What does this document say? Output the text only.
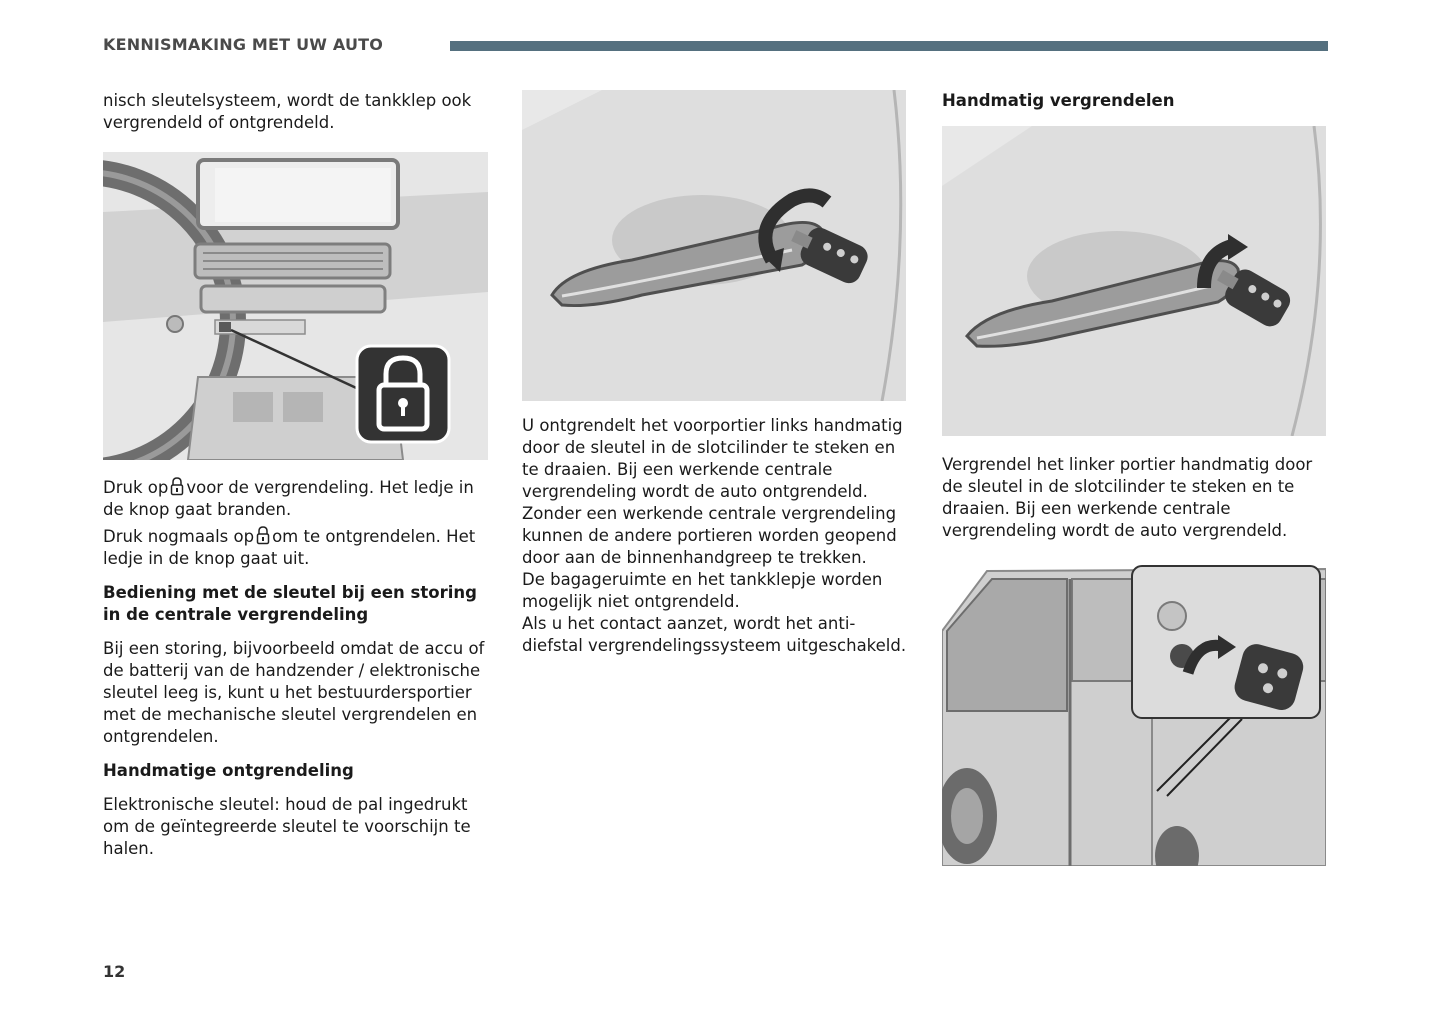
KENNISMAKING MET UW AUTO

nisch sleutelsysteem, wordt de tankklep ook vergrendeld of ontgrendeld.

Druk op voor de vergrendeling. Het ledje in de knop gaat branden.

Druk nogmaals op om te ontgrendelen. Het ledje in de knop gaat uit.

Bediening met de sleutel bij een storing in de centrale vergrendeling

Bij een storing, bijvoorbeeld omdat de accu of de batterij van de handzender / elektronische sleutel leeg is, kunt u het bestuurdersportier met de mechanische sleutel vergrendelen en ontgrendelen.

Handmatige ontgrendeling

Elektronische sleutel: houd de pal ingedrukt om de geïntegreerde sleutel te voorschijn te halen.

U ontgrendelt het voorportier links handmatig door de sleutel in de slotcilinder te steken en te draaien. Bij een werkende centrale vergrendeling wordt de auto ontgrendeld.

Zonder een werkende centrale vergrendeling kunnen de andere portieren worden geopend door aan de binnenhandgreep te trekken.

De bagageruimte en het tankklepje worden mogelijk niet ontgrendeld.

Als u het contact aanzet, wordt het anti-diefstal vergrendelingssysteem uitgeschakeld.

Handmatig vergrendelen

Vergrendel het linker portier handmatig door de sleutel in de slotcilinder te steken en te draaien. Bij een werkende centrale vergrendeling wordt de auto vergrendeld.

12
